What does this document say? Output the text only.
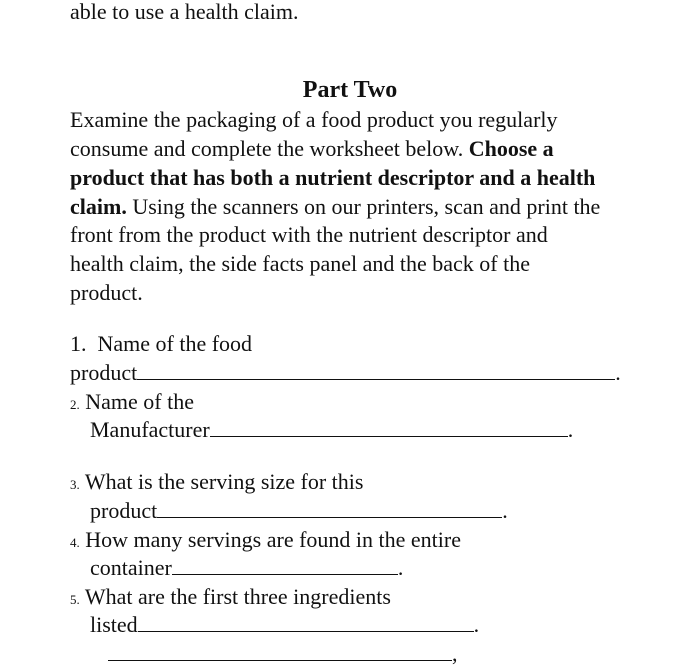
able to use a health claim.
Part Two
Examine the packaging of a food product you regularly
consume and complete the worksheet below. Choose a
product that has both a nutrient descriptor and a health
claim. Using the scanners on our printers, scan and print the
front from the product with the nutrient descriptor and
health claim, the side facts panel and the back of the
product.
1. Name of the food
product	.
2. Name of the
Manufacturer	.
3. What is the serving size for this
product	.
4. How many servings are found in the entire
container	.
5. What are the first three ingredients
listed	.
,
